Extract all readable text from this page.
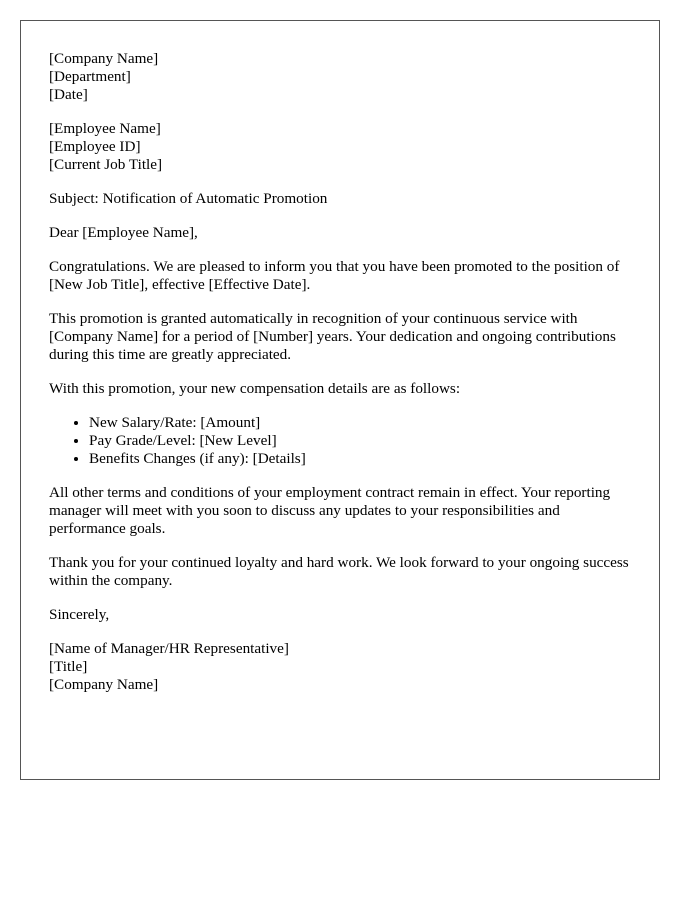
[Company Name]
[Department]
[Date]
[Employee Name]
[Employee ID]
[Current Job Title]

Subject: Notification of Automatic Promotion

Dear [Employee Name],

Congratulations. We are pleased to inform you that you have been promoted to the position of [New Job Title], effective [Effective Date].

This promotion is granted automatically in recognition of your continuous service with [Company Name] for a period of [Number] years. Your dedication and ongoing contributions during this time are greatly appreciated.

With this promotion, your new compensation details are as follows:

• New Salary/Rate: [Amount]
• Pay Grade/Level: [New Level]
• Benefits Changes (if any): [Details]

All other terms and conditions of your employment contract remain in effect. Your reporting manager will meet with you soon to discuss any updates to your responsibilities and performance goals.

Thank you for your continued loyalty and hard work. We look forward to your ongoing success within the company.

Sincerely,

[Name of Manager/HR Representative]
[Title]
[Company Name]
